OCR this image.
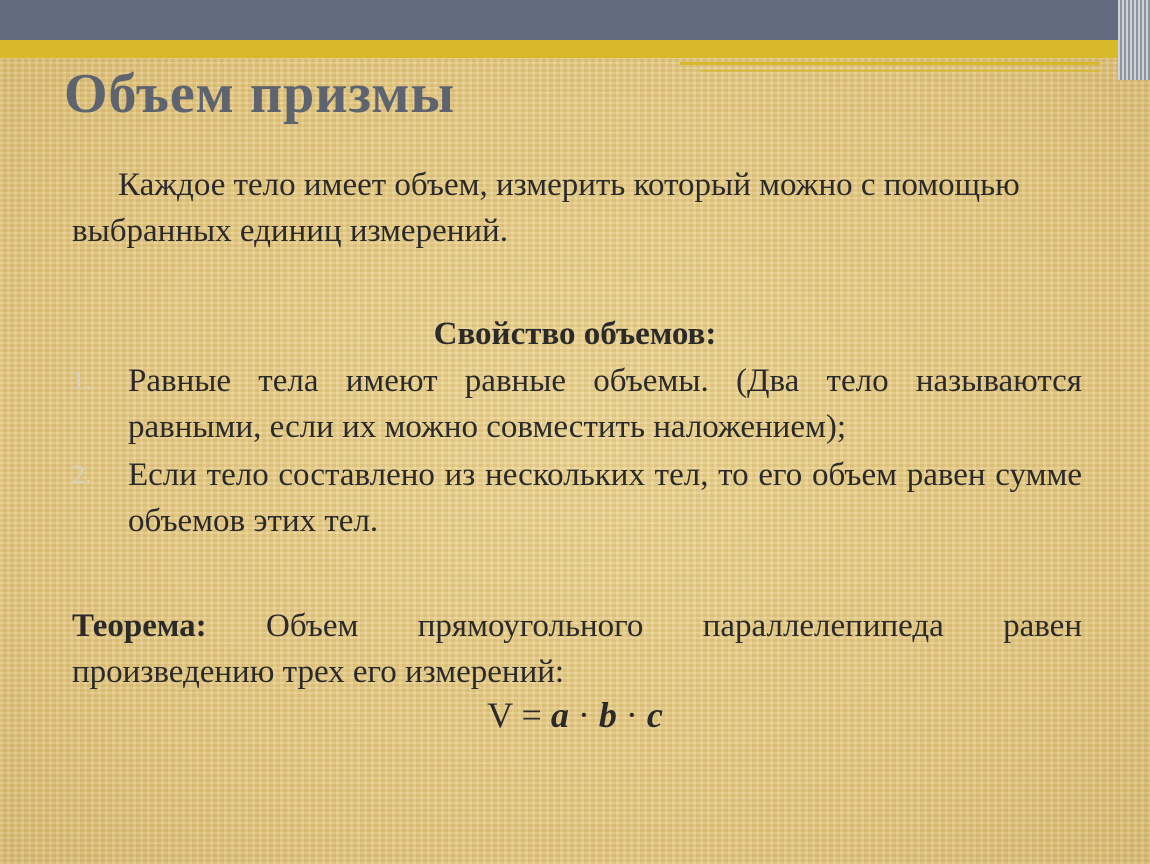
Объем призмы

Каждое тело имеет объем, измерить который можно с помощью выбранных единиц измерений.

Свойство объемов:

1. Равные тела имеют равные объемы. (Два тело называются равными, если их можно совместить наложением);
2. Если тело составлено из нескольких тел, то его объем равен сумме объемов этих тел.

Теорема: Объем прямоугольного параллелепипеда равен произведению трех его измерений:

V = a · b · c
